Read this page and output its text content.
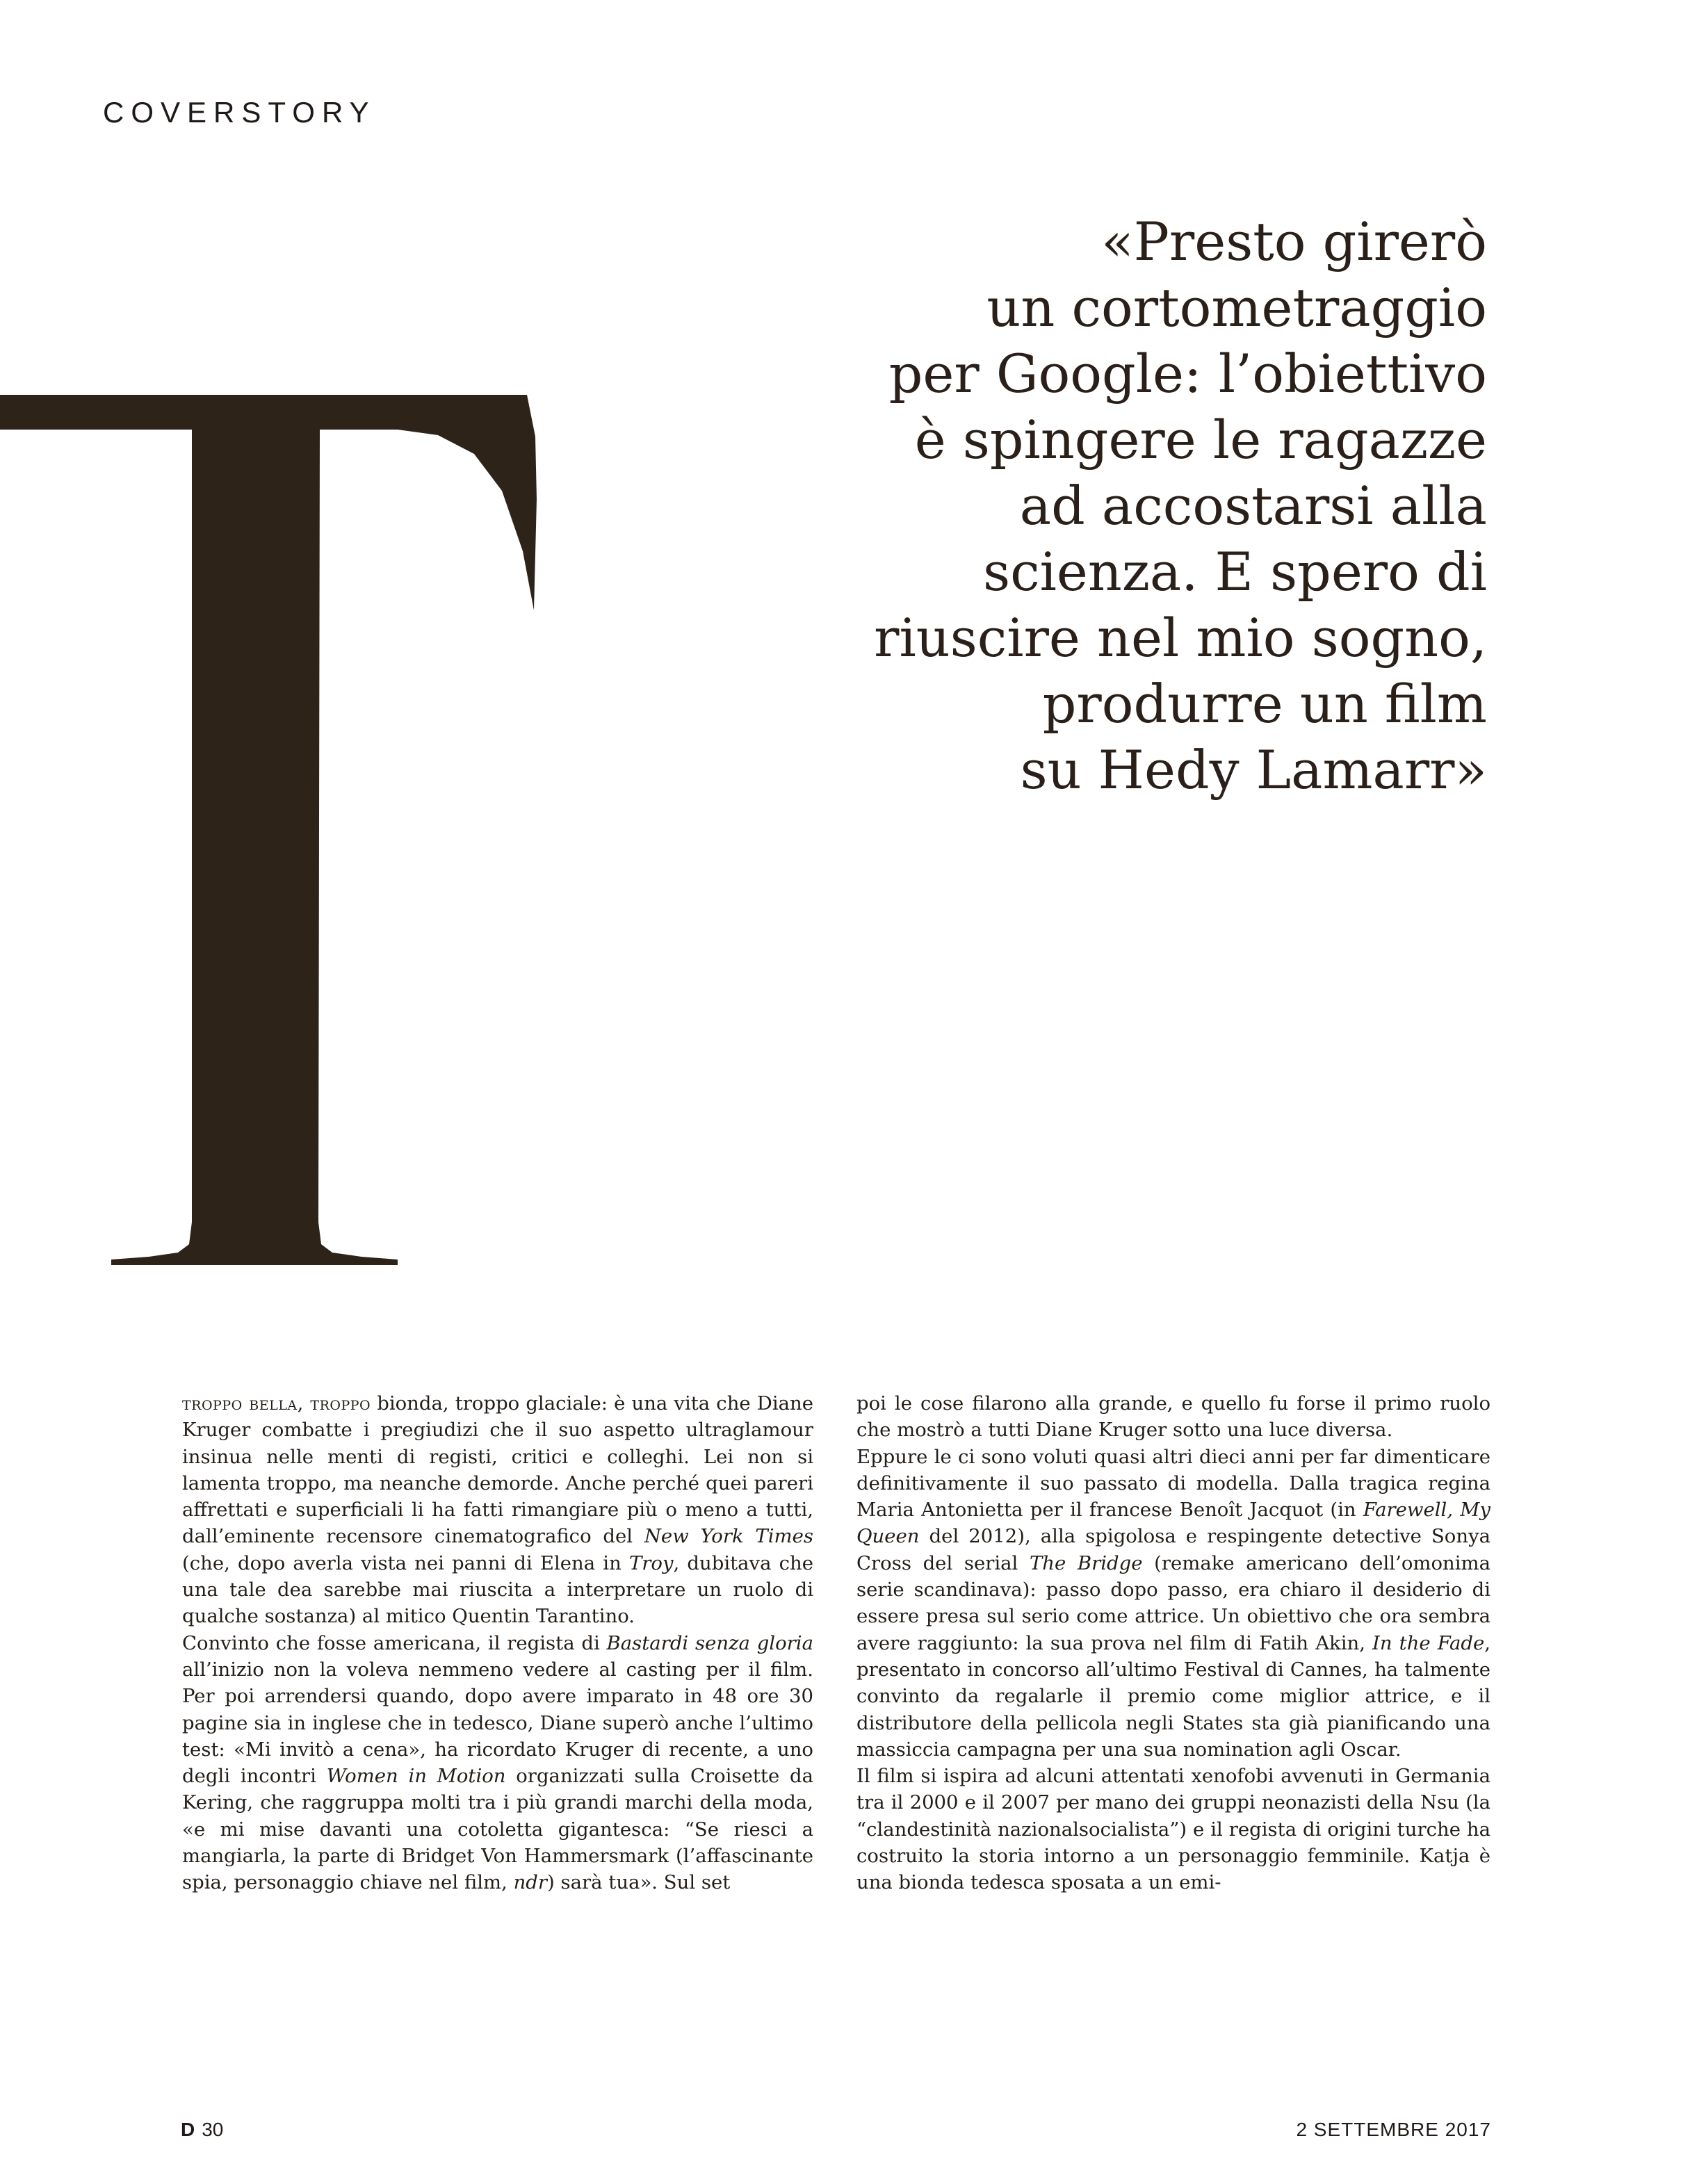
COVERSTORY
«Presto girerò
un cortometraggio
per Google: l’obiettivo
è spingere le ragazze
ad accostarsi alla
scienza. E spero di
riuscire nel mio sogno,
produrre un film
su Hedy Lamarr»

troppo bella, troppo bionda, troppo glaciale: è una vita che Diane Kruger combatte i pregiudizi che il suo aspetto ultraglamour insinua nelle menti di registi, critici e colleghi. Lei non si lamenta troppo, ma neanche demorde. Anche perché quei pareri affrettati e superficiali li ha fatti rimangiare più o meno a tutti, dall’eminente recensore cinematografico del New York Times (che, dopo averla vista nei panni di Elena in Troy, dubitava che una tale dea sarebbe mai riuscita a interpretare un ruolo di qualche sostanza) al mitico Quentin Tarantino.

Convinto che fosse americana, il regista di Bastardi senza gloria all’inizio non la voleva nemmeno vedere al casting per il film. Per poi arrendersi quando, dopo avere imparato in 48 ore 30 pagine sia in inglese che in tedesco, Diane superò anche l’ultimo test: «Mi invitò a cena», ha ricordato Kruger di recente, a uno degli incontri Women in Motion organizzati sulla Croisette da Kering, che raggruppa molti tra i più grandi marchi della moda, «e mi mise davanti una cotoletta gigantesca: “Se riesci a mangiarla, la parte di Bridget Von Hammersmark (l’affascinante spia, personaggio chiave nel film, ndr) sarà tua». Sul set

poi le cose filarono alla grande, e quello fu forse il primo ruolo che mostrò a tutti Diane Kruger sotto una luce diversa.

Eppure le ci sono voluti quasi altri dieci anni per far dimenticare definitivamente il suo passato di modella. Dalla tragica regina Maria Antonietta per il francese Benoît Jacquot (in Farewell, My Queen del 2012), alla spigolosa e respingente detective Sonya Cross del serial The Bridge (remake americano dell’omonima serie scandinava): passo dopo passo, era chiaro il desiderio di essere presa sul serio come attrice. Un obiettivo che ora sembra avere raggiunto: la sua prova nel film di Fatih Akin, In the Fade, presentato in concorso all’ultimo Festival di Cannes, ha talmente convinto da regalarle il premio come miglior attrice, e il distributore della pellicola negli States sta già pianificando una massiccia campagna per una sua nomination agli Oscar.

Il film si ispira ad alcuni attentati xenofobi avvenuti in Germania tra il 2000 e il 2007 per mano dei gruppi neonazisti della Nsu (la “clandestinità nazionalsocialista”) e il regista di origini turche ha costruito la storia intorno a un personaggio femminile. Katja è una bionda tedesca sposata a un emi-

D 30	2 SETTEMBRE 2017
